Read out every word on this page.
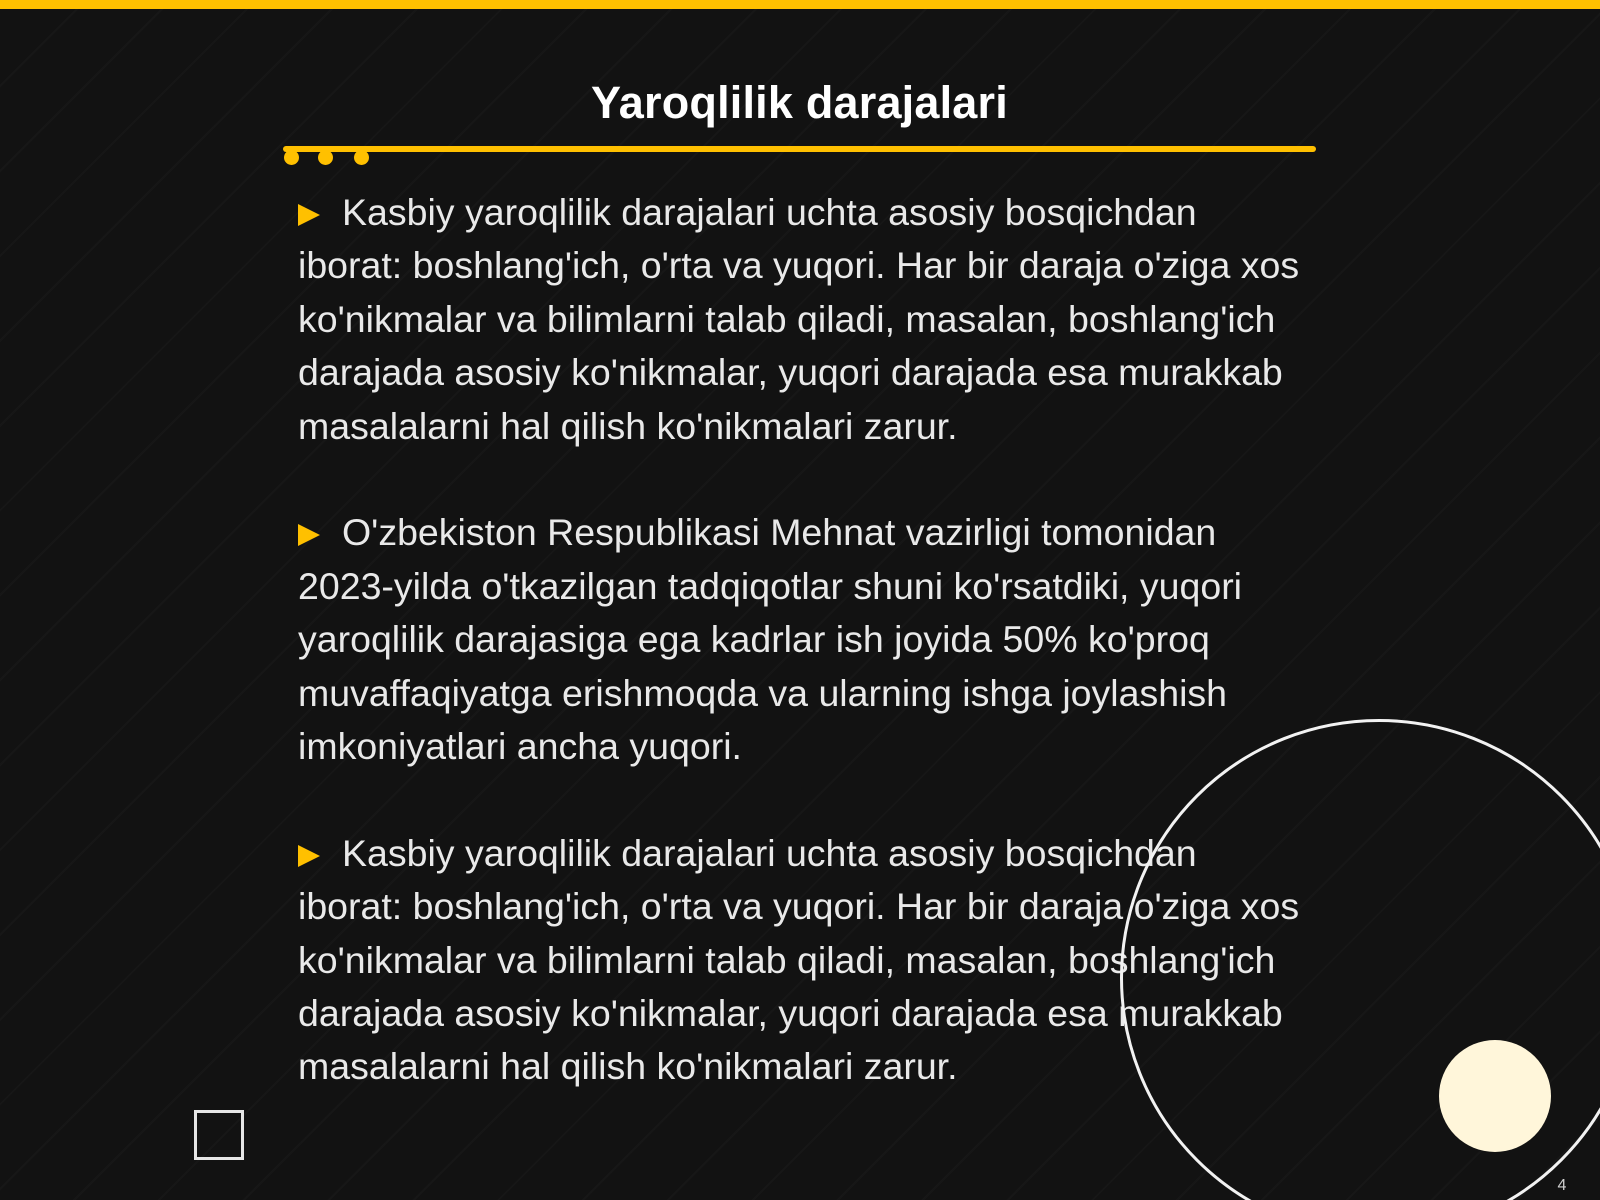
Yaroqlilik darajalari

Kasbiy yaroqlilik darajalari uchta asosiy bosqichdan iborat: boshlang'ich, o'rta va yuqori. Har bir daraja o'ziga xos ko'nikmalar va bilimlarni talab qiladi, masalan, boshlang'ich darajada asosiy ko'nikmalar, yuqori darajada esa murakkab masalalarni hal qilish ko'nikmalari zarur.

O'zbekiston Respublikasi Mehnat vazirligi tomonidan 2023-yilda o'tkazilgan tadqiqotlar shuni ko'rsatdiki, yuqori yaroqlilik darajasiga ega kadrlar ish joyida 50% ko'proq muvaffaqiyatga erishmoqda va ularning ishga joylashish imkoniyatlari ancha yuqori.

Kasbiy yaroqlilik darajalari uchta asosiy bosqichdan iborat: boshlang'ich, o'rta va yuqori. Har bir daraja o'ziga xos ko'nikmalar va bilimlarni talab qiladi, masalan, boshlang'ich darajada asosiy ko'nikmalar, yuqori darajada esa murakkab masalalarni hal qilish ko'nikmalari zarur.

4
